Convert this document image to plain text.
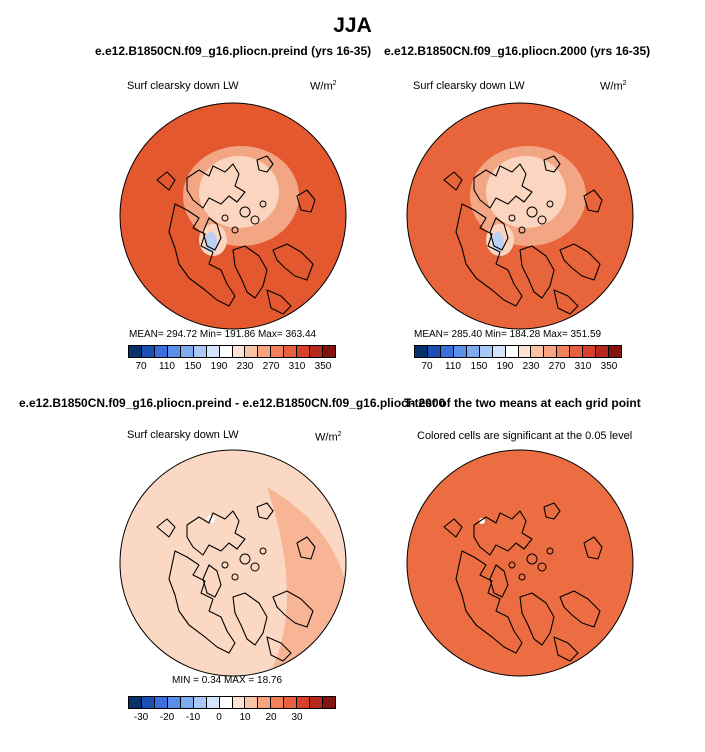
JJA
e.e12.B1850CN.f09_g16.pliocn.preind (yrs 16-35)
Surf clearsky down LW	$W/m^2$
MEAN= 294.72 Min= 191.86 Max= 363.44
70 110 150 190 230 270 310 350
e.e12.B1850CN.f09_g16.pliocn.2000 (yrs 16-35)
Surf clearsky down LW	$W/m^2$
MEAN= 285.40 Min= 184.28 Max= 351.59
70 110 150 190 230 270 310 350
e.e12.B1850CN.f09_g16.pliocn.preind - e.e12.B1850CN.f09_g16.pliocn.2000
Surf clearsky down LW	$W/m^2$
MIN = 0.34 MAX = 18.76
-30 -20 -10 0 10 20 30
T-test of the two means at each grid point
Colored cells are significant at the 0.05 level
